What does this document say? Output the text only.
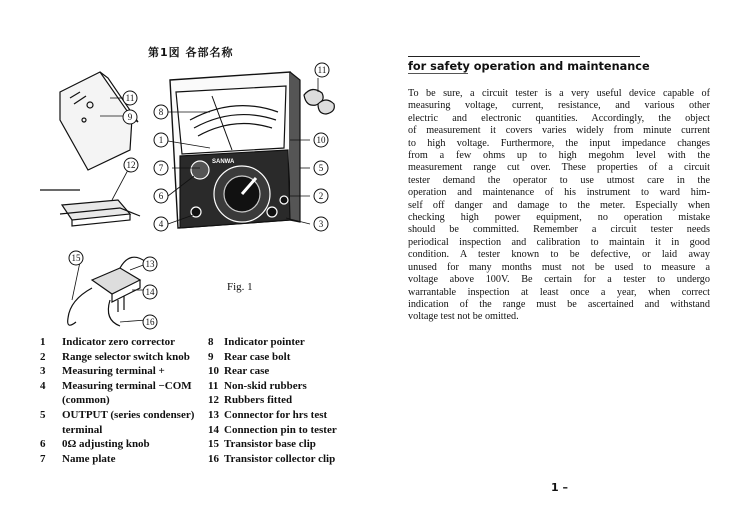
第1図 各部名称
11
9	8
1
7
6
4
10
5
2
3
11
12
15
13
14
16
SANWA
Fig. 1
1	Indicator zero corrector
2	Range selector switch knob
3	Measuring terminal +
4	Measuring terminal −COM
(common)
5	OUTPUT (series condenser)
terminal
6	0Ω adjusting knob
7	Name plate
8 Indicator pointer
9 Rear case bolt
10 Rear case
11 Non-skid rubbers
12 Rubbers fitted
13 Connector for hrs test
14 Connection pin to tester
15 Transistor base clip
16 Transistor collector clip
for safety operation and maintenance
To be sure, a circuit tester is a very useful device capable of
measuring voltage, current, resistance, and various other
electric and electronic quantities. Accordingly, the object
of measurement it covers varies widely from minute current
to high voltage. Furthermore, the input impedance changes
from a few ohms up to high megohm level with the
measurement range cut over. These properties of a circuit
tester demand the operator to use utmost care in the
operation and maintenance of his instrument to ward him-
self off danger and damage to the meter. Especially when
checking high power equipment, no operation mistake
should be committed. Remember a circuit tester needs
periodical inspection and calibration to maintain it in good
condition. A tester known to be defective, or laid away
unused for many months must not be used to measure a
voltage above 100V. Be certain for a tester to undergo
warrantable inspection at least once a year, when correct
indication of the range must be ascertained and withstand
voltage test not be omitted.
1 –
